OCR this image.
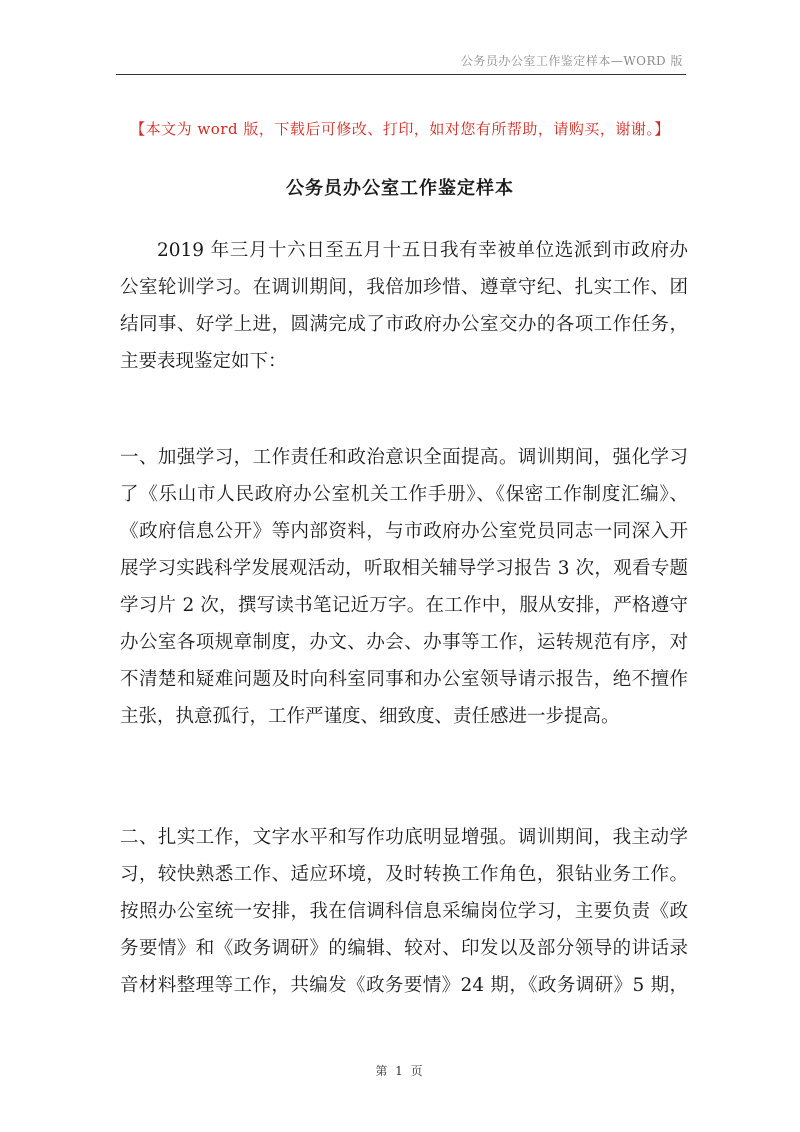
公务员办公室工作鉴定样本—WORD 版
【本文为 word 版，下载后可修改、打印，如对您有所帮助，请购买，谢谢。】
公务员办公室工作鉴定样本

2019 年三月十六日至五月十五日我有幸被单位选派到市政府办
公室轮训学习。在调训期间，我倍加珍惜、遵章守纪、扎实工作、团
结同事、好学上进，圆满完成了市政府办公室交办的各项工作任务，
主要表现鉴定如下：

一、加强学习，工作责任和政治意识全面提高。调训期间，强化学习
了《乐山市人民政府办公室机关工作手册》、《保密工作制度汇编》、
《政府信息公开》等内部资料，与市政府办公室党员同志一同深入开
展学习实践科学发展观活动，听取相关辅导学习报告 3 次，观看专题
学习片 2 次，撰写读书笔记近万字。在工作中，服从安排，严格遵守
办公室各项规章制度，办文、办会、办事等工作，运转规范有序，对
不清楚和疑难问题及时向科室同事和办公室领导请示报告，绝不擅作
主张，执意孤行，工作严谨度、细致度、责任感进一步提高。

二、扎实工作，文字水平和写作功底明显增强。调训期间，我主动学
习，较快熟悉工作、适应环境，及时转换工作角色，狠钻业务工作。
按照办公室统一安排，我在信调科信息采编岗位学习，主要负责《政
务要情》和《政务调研》的编辑、较对、印发以及部分领导的讲话录
音材料整理等工作，共编发《政务要情》24 期，《政务调研》5 期，

第 1 页
